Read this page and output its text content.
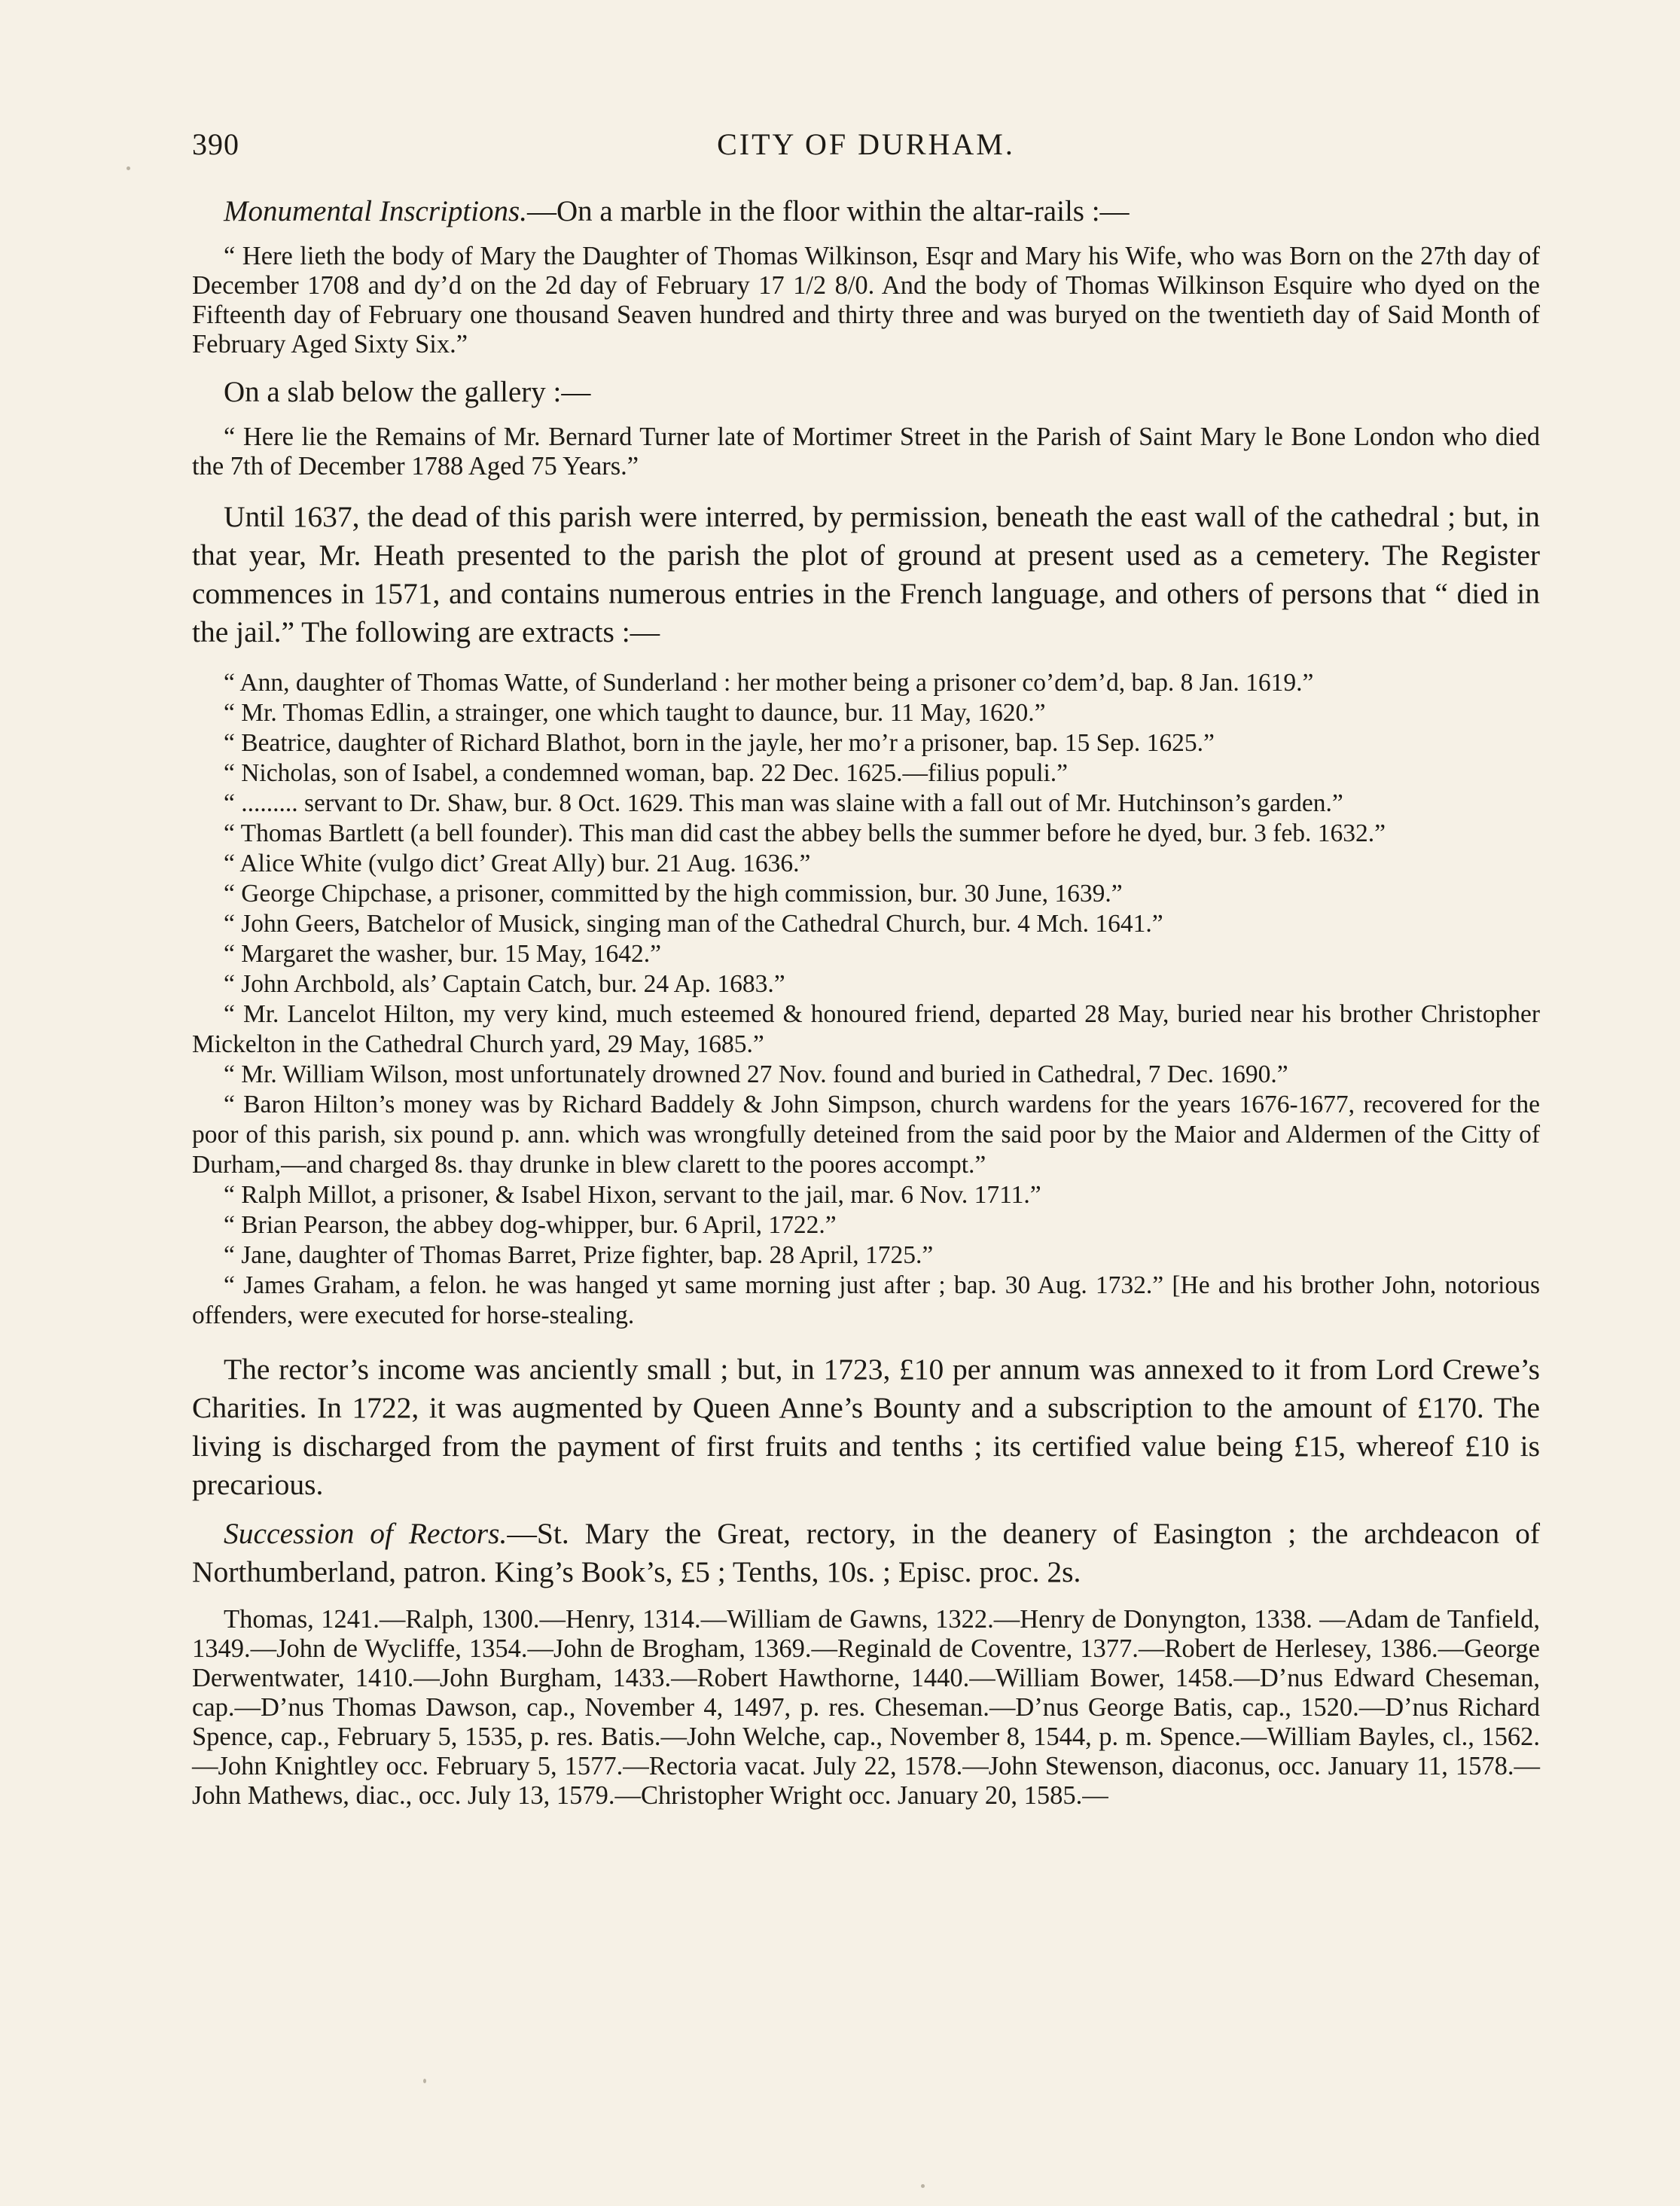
390	CITY OF DURHAM.

Monumental Inscriptions.—On a marble in the floor within the altar-rails :—

“ Here lieth the body of Mary the Daughter of Thomas Wilkinson, Esqr and Mary his Wife, who was Born on the 27th day of December 1708 and dy’d on the 2d day of February 17 1/2 8/0. And the body of Thomas Wilkinson Esquire who dyed on the Fifteenth day of February one thousand Seaven hundred and thirty three and was buryed on the twentieth day of Said Month of February Aged Sixty Six.”

On a slab below the gallery :—

“ Here lie the Remains of Mr. Bernard Turner late of Mortimer Street in the Parish of Saint Mary le Bone London who died the 7th of December 1788 Aged 75 Years.”

Until 1637, the dead of this parish were interred, by permission, beneath the east wall of the cathedral ; but, in that year, Mr. Heath presented to the parish the plot of ground at present used as a cemetery. The Register commences in 1571, and contains numerous entries in the French language, and others of persons that “ died in the jail.” The following are extracts :—

“ Ann, daughter of Thomas Watte, of Sunderland : her mother being a prisoner co’dem’d, bap. 8 Jan. 1619.”

“ Mr. Thomas Edlin, a strainger, one which taught to daunce, bur. 11 May, 1620.”

“ Beatrice, daughter of Richard Blathot, born in the jayle, her mo’r a prisoner, bap. 15 Sep. 1625.”

“ Nicholas, son of Isabel, a condemned woman, bap. 22 Dec. 1625.—filius populi.”

“ ......... servant to Dr. Shaw, bur. 8 Oct. 1629. This man was slaine with a fall out of Mr. Hutchinson’s garden.”

“ Thomas Bartlett (a bell founder). This man did cast the abbey bells the summer before he dyed, bur. 3 feb. 1632.”

“ Alice White (vulgo dict’ Great Ally) bur. 21 Aug. 1636.”

“ George Chipchase, a prisoner, committed by the high commission, bur. 30 June, 1639.”

“ John Geers, Batchelor of Musick, singing man of the Cathedral Church, bur. 4 Mch. 1641.”

“ Margaret the washer, bur. 15 May, 1642.”

“ John Archbold, als’ Captain Catch, bur. 24 Ap. 1683.”

“ Mr. Lancelot Hilton, my very kind, much esteemed & honoured friend, departed 28 May, buried near his brother Christopher Mickelton in the Cathedral Church yard, 29 May, 1685.”

“ Mr. William Wilson, most unfortunately drowned 27 Nov. found and buried in Cathedral, 7 Dec. 1690.”

“ Baron Hilton’s money was by Richard Baddely & John Simpson, church wardens for the years 1676-1677, recovered for the poor of this parish, six pound p. ann. which was wrongfully deteined from the said poor by the Maior and Aldermen of the Citty of Durham,—and charged 8s. thay drunke in blew clarett to the poores accompt.”

“ Ralph Millot, a prisoner, & Isabel Hixon, servant to the jail, mar. 6 Nov. 1711.”

“ Brian Pearson, the abbey dog-whipper, bur. 6 April, 1722.”

“ Jane, daughter of Thomas Barret, Prize fighter, bap. 28 April, 1725.”

“ James Graham, a felon. he was hanged yt same morning just after ; bap. 30 Aug. 1732.” [He and his brother John, notorious offenders, were executed for horse-stealing.

The rector’s income was anciently small ; but, in 1723, £10 per annum was annexed to it from Lord Crewe’s Charities. In 1722, it was augmented by Queen Anne’s Bounty and a subscription to the amount of £170. The living is discharged from the payment of first fruits and tenths ; its certified value being £15, whereof £10 is precarious.

Succession of Rectors.—St. Mary the Great, rectory, in the deanery of Easington ; the archdeacon of Northumberland, patron. King’s Book’s, £5 ; Tenths, 10s. ; Episc. proc. 2s.

Thomas, 1241.—Ralph, 1300.—Henry, 1314.—William de Gawns, 1322.—Henry de Donyngton, 1338. —Adam de Tanfield, 1349.—John de Wycliffe, 1354.—John de Brogham, 1369.—Reginald de Coventre, 1377.—Robert de Herlesey, 1386.—George Derwentwater, 1410.—John Burgham, 1433.—Robert Hawthorne, 1440.—William Bower, 1458.—D’nus Edward Cheseman, cap.—D’nus Thomas Dawson, cap., November 4, 1497, p. res. Cheseman.—D’nus George Batis, cap., 1520.—D’nus Richard Spence, cap., February 5, 1535, p. res. Batis.—John Welche, cap., November 8, 1544, p. m. Spence.—William Bayles, cl., 1562.—John Knightley occ. February 5, 1577.—Rectoria vacat. July 22, 1578.—John Stewenson, diaconus, occ. January 11, 1578.—John Mathews, diac., occ. July 13, 1579.—Christopher Wright occ. January 20, 1585.—
